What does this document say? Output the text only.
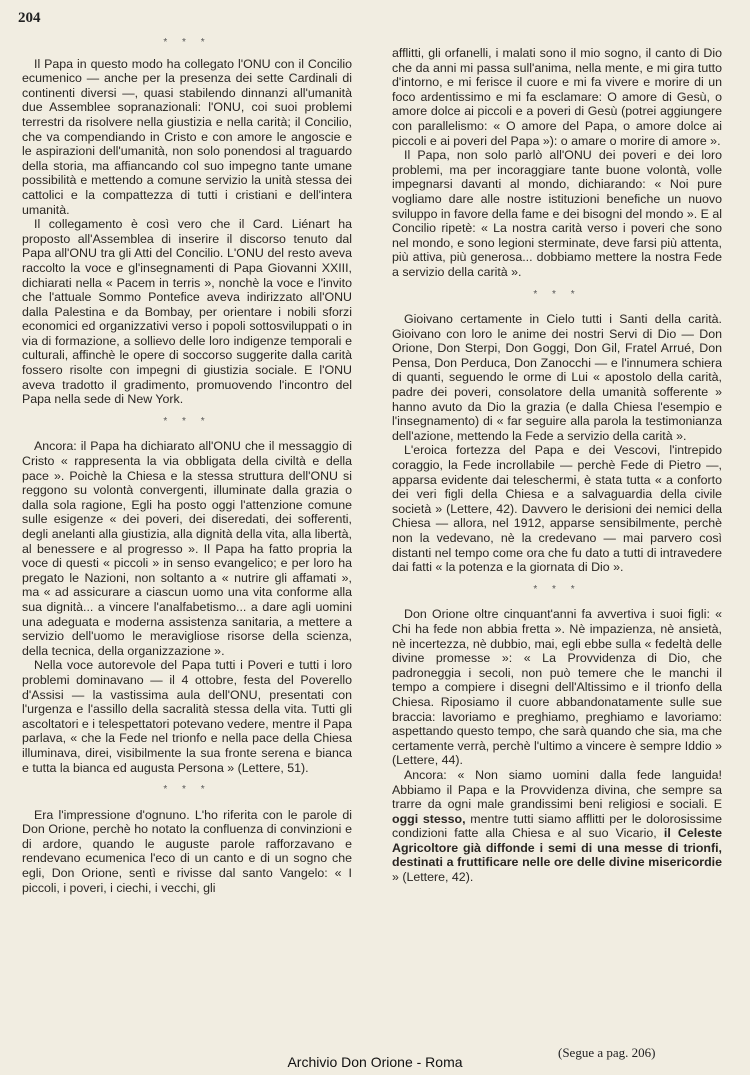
204
* * *

Il Papa in questo modo ha collegato l'ONU con il Concilio ecumenico — anche per la presenza dei sette Cardinali di continenti diversi —, quasi stabilendo dinnanzi all'umanità due Assemblee sopranazionali: l'ONU, coi suoi problemi terrestri da risolvere nella giustizia e nella carità; il Concilio, che va compendiando in Cristo e con amore le angoscie e le aspirazioni dell'umanità, non solo ponendosi al traguardo della storia, ma affiancando col suo impegno tante umane possibilità e mettendo a comune servizio la unità stessa dei cattolici e la compattezza di tutti i cristiani e dell'intera umanità.

Il collegamento è così vero che il Card. Liénart ha proposto all'Assemblea di inserire il discorso tenuto dal Papa all'ONU tra gli Atti del Concilio. L'ONU del resto aveva raccolto la voce e gl'insegnamenti di Papa Giovanni XXIII, dichiarati nella « Pacem in terris », nonchè la voce e l'invito che l'attuale Sommo Pontefice aveva indirizzato all'ONU dalla Palestina e da Bombay, per orientare i nobili sforzi economici ed organizzativi verso i popoli sottosviluppati o in via di formazione, a sollievo delle loro indigenze temporali e culturali, affinchè le opere di soccorso suggerite dalla carità fossero risolte con impegni di giustizia sociale. E l'ONU aveva tradotto il gradimento, promuovendo l'incontro del Papa nella sede di New York.

* * *

Ancora: il Papa ha dichiarato all'ONU che il messaggio di Cristo « rappresenta la via obbligata della civiltà e della pace ». Poichè la Chiesa e la stessa struttura dell'ONU si reggono su volontà convergenti, illuminate dalla grazia o dalla sola ragione, Egli ha posto oggi l'attenzione comune sulle esigenze « dei poveri, dei diseredati, dei sofferenti, degli anelanti alla giustizia, alla dignità della vita, alla libertà, al benessere e al progresso ». Il Papa ha fatto propria la voce di questi « piccoli » in senso evangelico; e per loro ha pregato le Nazioni, non soltanto a « nutrire gli affamati », ma « ad assicurare a ciascun uomo una vita conforme alla sua dignità... a vincere l'analfabetismo... a dare agli uomini una adeguata e moderna assistenza sanitaria, a mettere a servizio dell'uomo le meravigliose risorse della scienza, della tecnica, della organizzazione ».

Nella voce autorevole del Papa tutti i Poveri e tutti i loro problemi dominavano — il 4 ottobre, festa del Poverello d'Assisi — la vastissima aula dell'ONU, presentati con l'urgenza e l'assillo della sacralità stessa della vita. Tutti gli ascoltatori e i telespettatori potevano vedere, mentre il Papa parlava, « che la Fede nel trionfo e nella pace della Chiesa illuminava, direi, visibilmente la sua fronte serena e bianca e tutta la bianca ed augusta Persona » (Lettere, 51).

* * *

Era l'impressione d'ognuno. L'ho riferita con le parole di Don Orione, perchè ho notato la confluenza di convinzioni e di ardore, quando le auguste parole rafforzavano e rendevano ecumenica l'eco di un canto e di un sogno che egli, Don Orione, sentì e rivisse dal santo Vangelo: « I piccoli, i poveri, i ciechi, i vecchi, gli

afflitti, gli orfanelli, i malati sono il mio sogno, il canto di Dio che da anni mi passa sull'anima, nella mente, e mi gira tutto d'intorno, e mi ferisce il cuore e mi fa vivere e morire di un foco ardentissimo e mi fa esclamare: O amore di Gesù, o amore dolce ai piccoli e a poveri di Gesù (potrei aggiungere con parallelismo: « O amore del Papa, o amore dolce ai piccoli e ai poveri del Papa »): o amare o morire di amore ».

Il Papa, non solo parlò all'ONU dei poveri e dei loro problemi, ma per incoraggiare tante buone volontà, volle impegnarsi davanti al mondo, dichiarando: « Noi pure vogliamo dare alle nostre istituzioni benefiche un nuovo sviluppo in favore della fame e dei bisogni del mondo ». E al Concilio ripetè: « La nostra carità verso i poveri che sono nel mondo, e sono legioni sterminate, deve farsi più attenta, più attiva, più generosa... dobbiamo mettere la nostra Fede a servizio della carità ».

* * *

Gioivano certamente in Cielo tutti i Santi della carità. Gioivano con loro le anime dei nostri Servi di Dio — Don Orione, Don Sterpi, Don Goggi, Don Gil, Fratel Arrué, Don Pensa, Don Perduca, Don Zanocchi — e l'innumera schiera di quanti, seguendo le orme di Lui « apostolo della carità, padre dei poveri, consolatore della umanità sofferente » hanno avuto da Dio la grazia (e dalla Chiesa l'esempio e l'insegnamento) di « far seguire alla parola la testimonianza dell'azione, mettendo la Fede a servizio della carità ».

L'eroica fortezza del Papa e dei Vescovi, l'intrepido coraggio, la Fede incrollabile — perchè Fede di Pietro —, apparsa evidente dai teleschermi, è stata tutta « a conforto dei veri figli della Chiesa e a salvaguardia della civile società » (Lettere, 42). Davvero le derisioni dei nemici della Chiesa — allora, nel 1912, apparse sensibilmente, perchè non la vedevano, nè la credevano — mai parvero così distanti nel tempo come ora che fu dato a tutti di intravedere dai fatti « la potenza e la giornata di Dio ».

* * *

Don Orione oltre cinquant'anni fa avvertiva i suoi figli: « Chi ha fede non abbia fretta ». Nè impazienza, nè ansietà, nè incertezza, nè dubbio, mai, egli ebbe sulla « fedeltà delle divine promesse »: « La Provvidenza di Dio, che padroneggia i secoli, non può temere che le manchi il tempo a compiere i disegni dell'Altissimo e il trionfo della Chiesa. Riposiamo il cuore abbandonatamente sulle sue braccia: lavoriamo e preghiamo, preghiamo e lavoriamo: aspettando questo tempo, che sarà quando che sia, ma che certamente verrà, perchè l'ultimo a vincere è sempre Iddio » (Lettere, 44).

Ancora: « Non siamo uomini dalla fede languida! Abbiamo il Papa e la Provvidenza divina, che sempre sa trarre da ogni male grandissimi beni religiosi e sociali. E oggi stesso, mentre tutti siamo afflitti per le dolorosissime condizioni fatte alla Chiesa e al suo Vicario, il Celeste Agricoltore già diffonde i semi di una messe di trionfi, destinati a fruttificare nelle ore delle divine misericordie » (Lettere, 42).

(Segue a pag. 206)
Archivio Don Orione - Roma
